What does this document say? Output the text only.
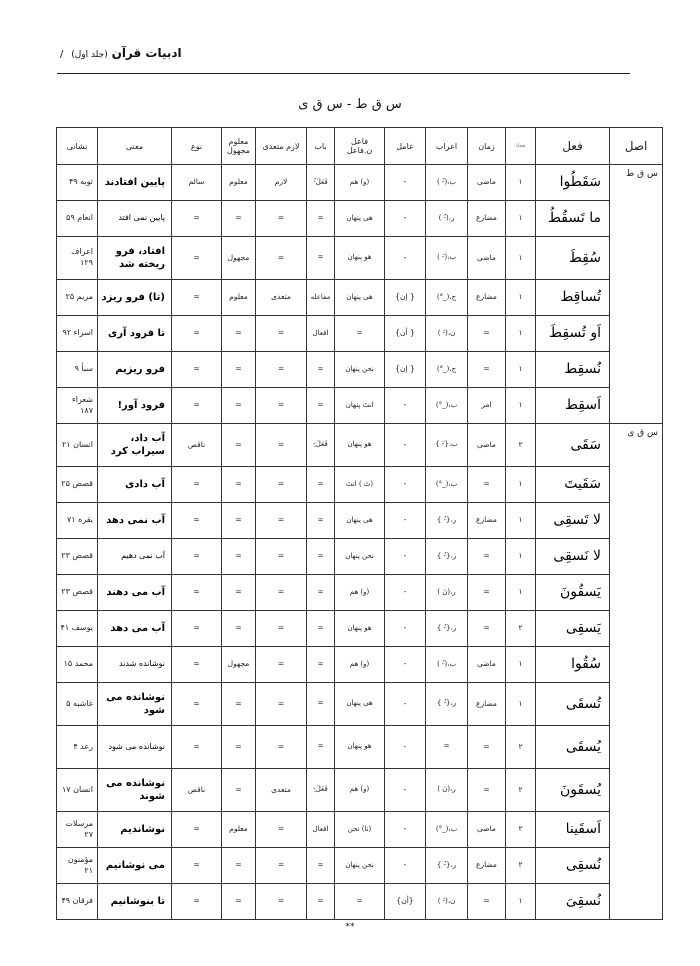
ادبیات قرآن (جلد اول) /
س ق ط - س ق ی
اصل	فعل	تعداد	زمان	اعراب	عامل	فاعل ن.فاعل	باب	لازم متعدی	معلوم مجهول	نوع	معنی	نشانی
س ق ط	سَقَطُوا	۱	ماضی	ب،(-ُ )	-	(و) هم	فَعَلَ-ُ	لازم	معلوم	سالم	پایین افتادند	توبه ۴۹
	ما تَسقُطُ	۱	مضارع	ر،(-ُ )	-	هی پنهان	=	=	=	=	پایین نمی افتد	انعام ۵۹
	سُقِطَ	۱	ماضی	ب،(-َ )	-	هو پنهان	=	=	مجهول	=	افتاد، فرو ریخته شد	اعراف ۱۲۹
	تُساقِط	۱	مضارع	ج،(_°)	{ إن}	هی پنهان	مفاعله	متعدی	معلوم	=	(تا) فرو ریزد	مریم ۲۵
	اَو تُسقِطَ	۱	=	ن،(-َ )	{ أن}	=	افعال	=	=	=	تا فرود آری	اسراء ۹۲
	نُسقِط	۱	=	ج،(_°)	{ إن}	نحن پنهان	=	=	=	=	فرو ریزیم	سبأ ۹
	اَسقِط	۱	امر	ب،(_°)	-	انتَ پنهان	=	=	=	=	فرود آور!	شعراء ۱۸۷
س ق ی	سَقَی	۲	ماضی	ب،{-َ }	-	هو پنهان	فَعَلَ-ِ	=	=	ناقص	آب داد، سیراب کرد	انسان ۲۱
	سَقَیتَ	۱	=	ب،(_°)	-	(تَ ) انتَ	=	=	=	=	آب دادی	قصص ۲۵
	لا تَسقِی	۱	مضارع	ر،{-ُ }	-	هی پنهان	=	=	=	=	آب نمی دهد	بقره ۷۱
	لا نَسقِی	۱	=	ر،{-ُ }	-	نحن پنهان	=	=	=	=	آب نمی دهیم	قصص ۲۳
	یَسقُونَ	۱	=	ر،(نَ )	-	(و) هم	=	=	=	=	آب می دهند	قصص ۲۳
	یَسقِی	۲	=	ر،{-ُ }	-	هو پنهان	=	=	=	=	آب می دهد	یوسف ۴۱
	سُقُوا	۱	ماضی	ب،(-ُ )	-	(و) هم	=	=	مجهول	=	نوشانده شدند	محمد ۱۵
	تُسقَی	۱	مضارع	ر،{-ُ }	-	هی پنهان	=	=	=	=	نوشانده می شود	غاشیه ۵
	یُسقَی	۲	=	=	-	هو پنهان	=	=	=	=	نوشانده می شود	رعد ۴
	یُسقَونَ	۲	=	ر،(نَ )	-	(و) هم	فَعَلَ-ِ	متعدی	=	ناقص	نوشانده می شوند	انسان ۱۷
	اَسقَینا	۲	ماضی	ب،(_°)	-	(نا) نحن	افعال	=	معلوم	=	نوشاندیم	مرسلات ۲۷
	نُسقِی	۲	مضارع	ر،{-ُ }	-	نحن پنهان	=	=	=	=	می نوشانیم	مؤمنون ۲۱
	نُسقِیَ	۱	=	ن،(-َ )	{أن}	=	=	=	=	=	تا بنوشانیم	فرقان ۴۹
**
